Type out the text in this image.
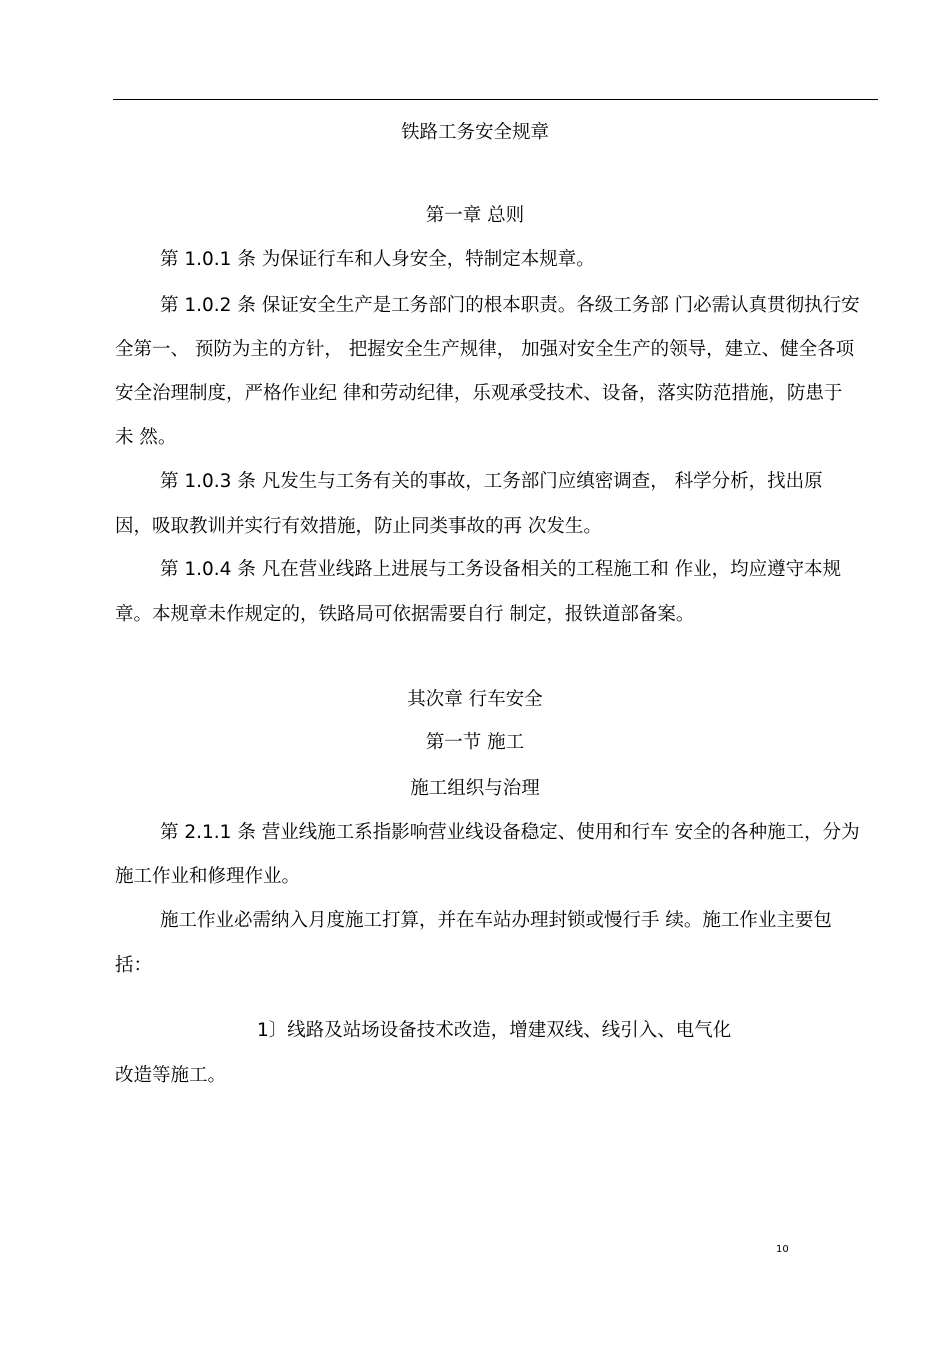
铁路工务安全规章
第一章 总则
第 1.0.1 条 为保证行车和人身安全，特制定本规章。
第 1.0.2 条 保证安全生产是工务部门的根本职责。各级工务部 门必需认真贯彻执行安
全第一、 预防为主的方针， 把握安全生产规律， 加强对安全生产的领导，建立、健全各项
安全治理制度，严格作业纪 律和劳动纪律，乐观承受技术、设备，落实防范措施，防患于
未 然。
第 1.0.3 条 凡发生与工务有关的事故，工务部门应缜密调查， 科学分析，找出原
因，吸取教训并实行有效措施，防止同类事故的再 次发生。
第 1.0.4 条 凡在营业线路上进展与工务设备相关的工程施工和 作业，均应遵守本规
章。本规章未作规定的，铁路局可依据需要自行 制定，报铁道部备案。
其次章 行车安全
第一节 施工
施工组织与治理
第 2.1.1 条 营业线施工系指影响营业线设备稳定、使用和行车 安全的各种施工，分为
施工作业和修理作业。
施工作业必需纳入月度施工打算，并在车站办理封锁或慢行手 续。施工作业主要包
括：
1〕线路及站场设备技术改造，增建双线、线引入、电气化
改造等施工。
10
